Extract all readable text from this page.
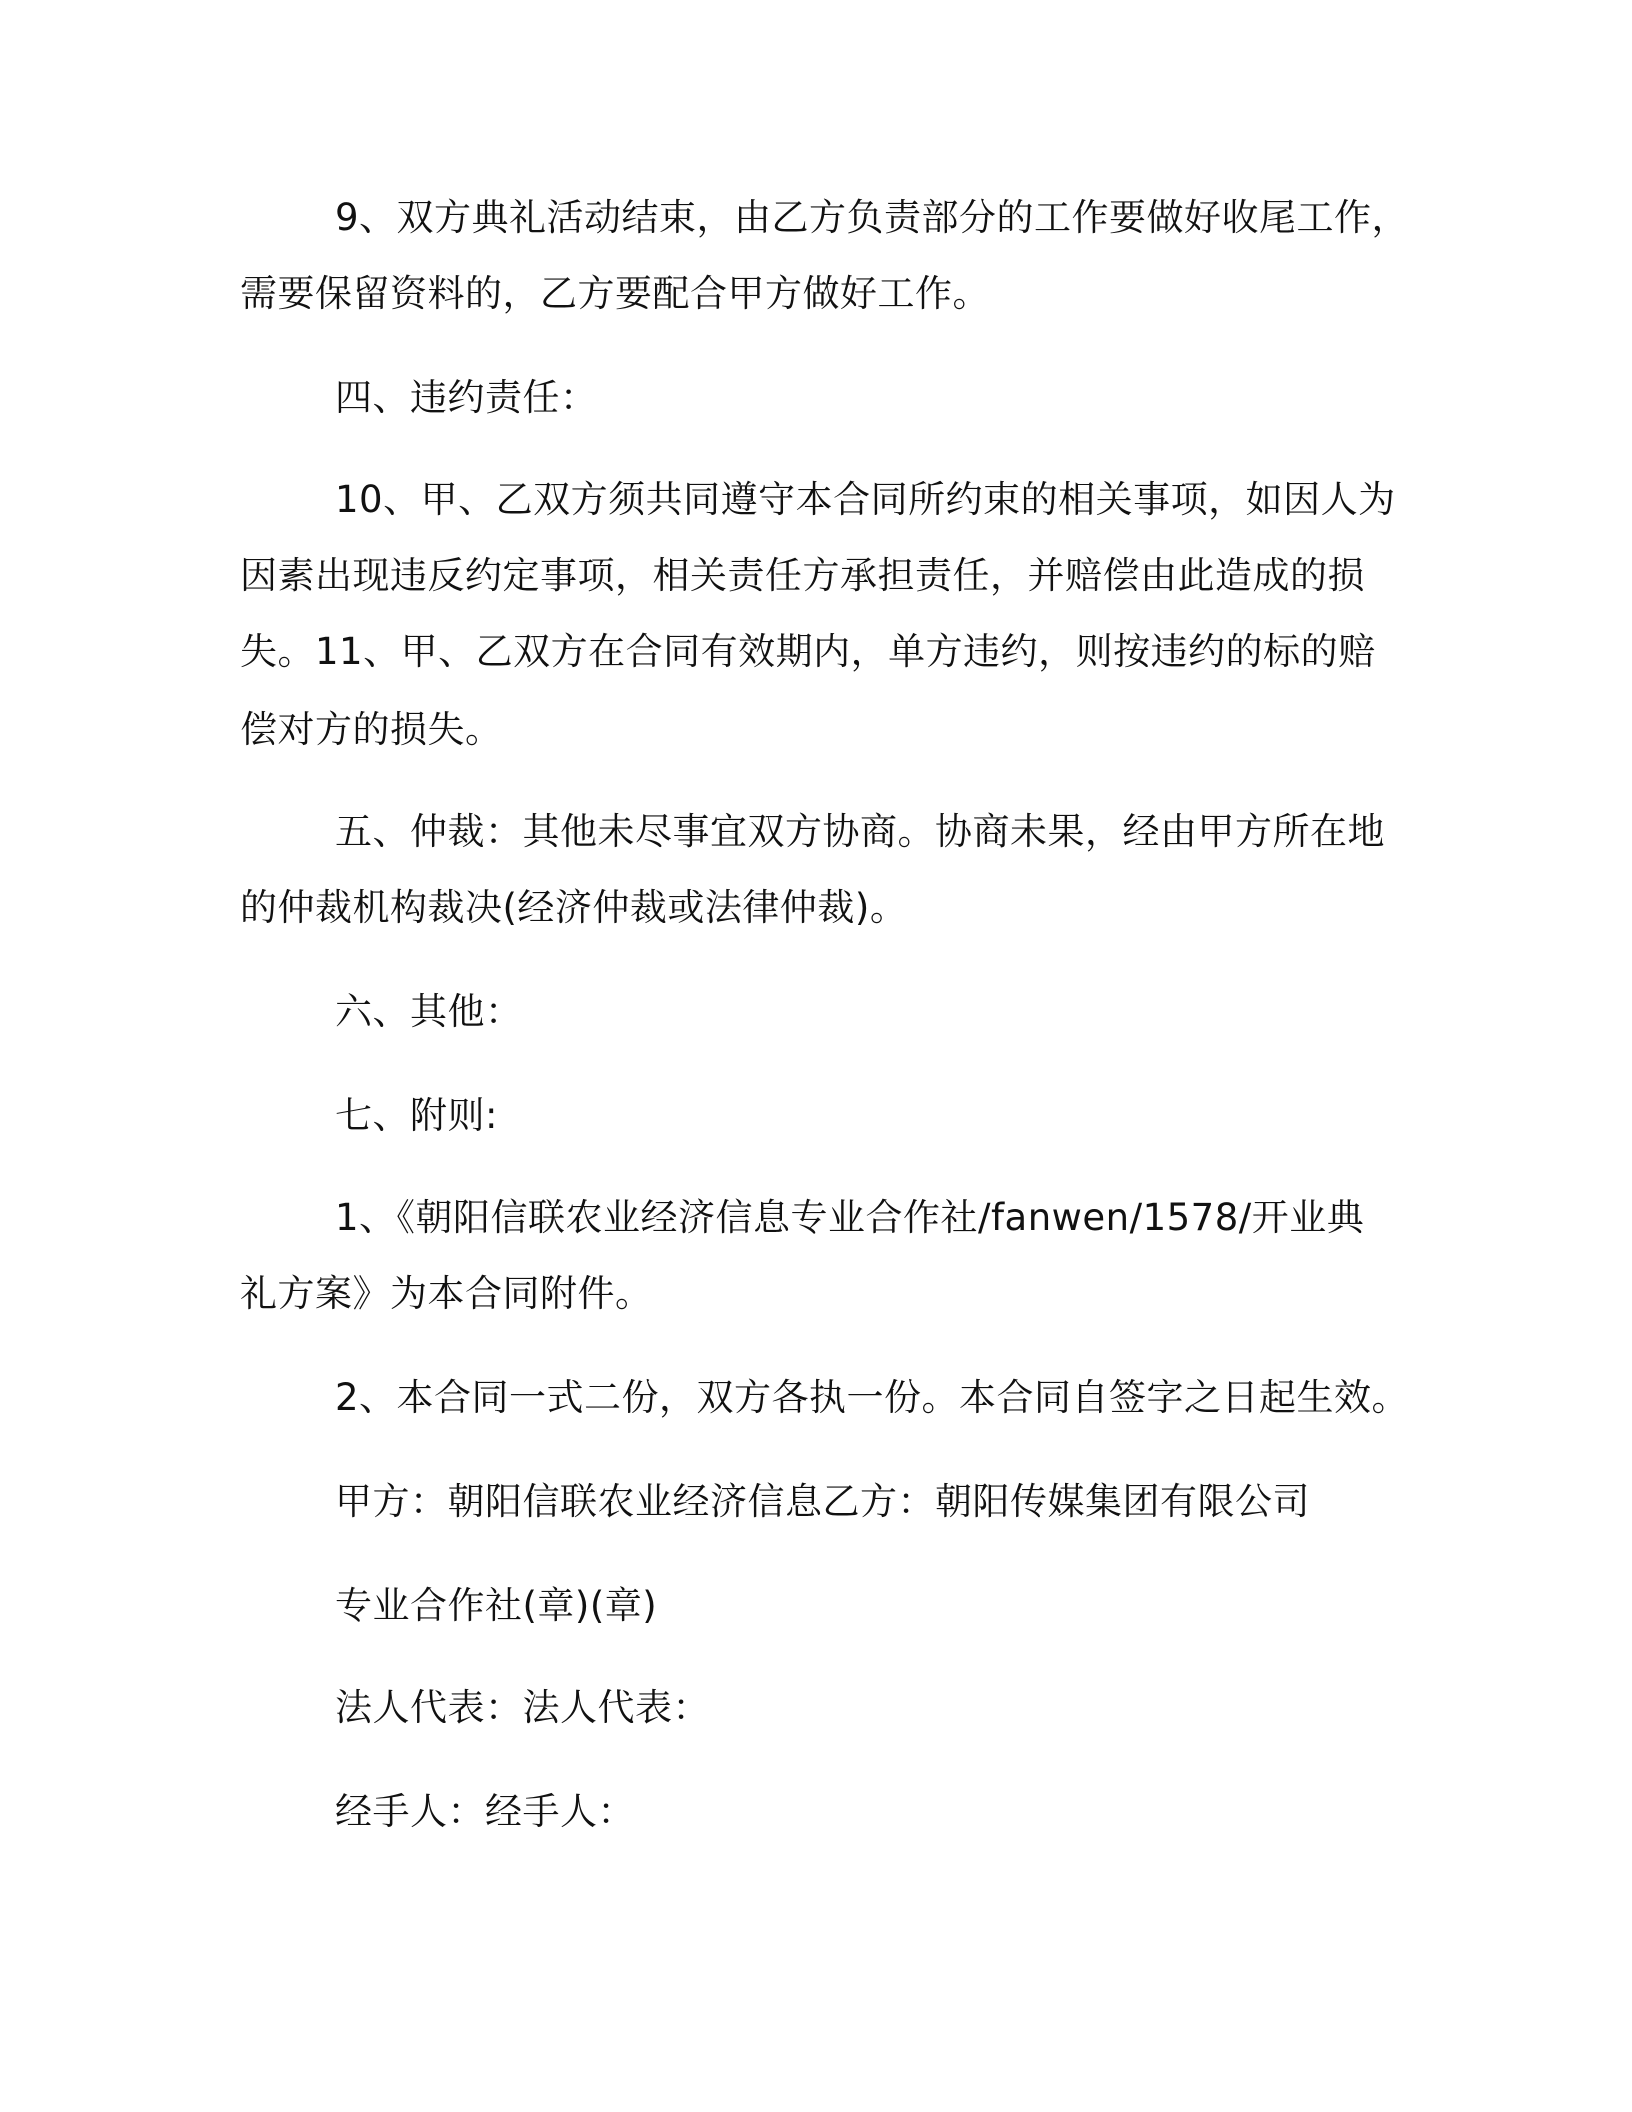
9、双方典礼活动结束，由乙方负责部分的工作要做好收尾工作，
需要保留资料的，乙方要配合甲方做好工作。
四、违约责任：
10、甲、乙双方须共同遵守本合同所约束的相关事项，如因人为
因素出现违反约定事项，相关责任方承担责任，并赔偿由此造成的损
失。11、甲、乙双方在合同有效期内，单方违约，则按违约的标的赔
偿对方的损失。
五、仲裁：其他未尽事宜双方协商。协商未果，经由甲方所在地
的仲裁机构裁决(经济仲裁或法律仲裁)。
六、其他：
七、附则:
1、《朝阳信联农业经济信息专业合作社/fanwen/1578/开业典
礼方案》为本合同附件。
2、本合同一式二份，双方各执一份。本合同自签字之日起生效。
甲方：朝阳信联农业经济信息乙方：朝阳传媒集团有限公司
专业合作社(章)(章)
法人代表：法人代表：
经手人：经手人：
